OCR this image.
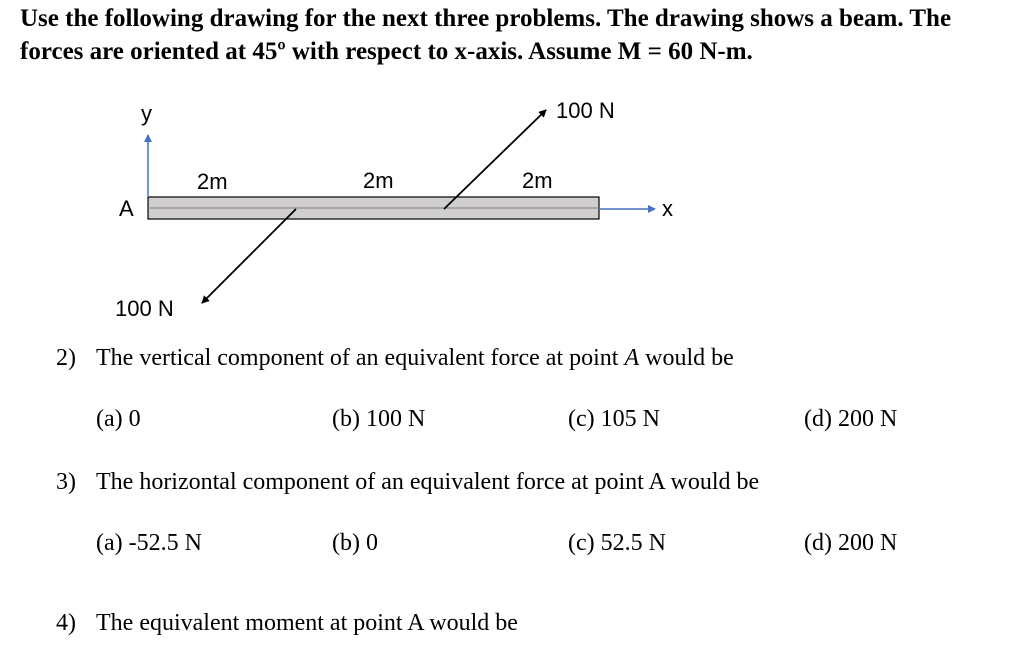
Use the following drawing for the next three problems. The drawing shows a beam. The

forces are oriented at 45º with respect to x-axis. Assume M = 60 N-m.

y
x
A
2m	2m	2m
100 N
100 N
2) The vertical component of an equivalent force at point A would be
(a) 0	(b) 100 N	(c) 105 N	(d) 200 N
3) The horizontal component of an equivalent force at point A would be
(a) -52.5 N	(b) 0	(c) 52.5 N	(d) 200 N
4) The equivalent moment at point A would be
